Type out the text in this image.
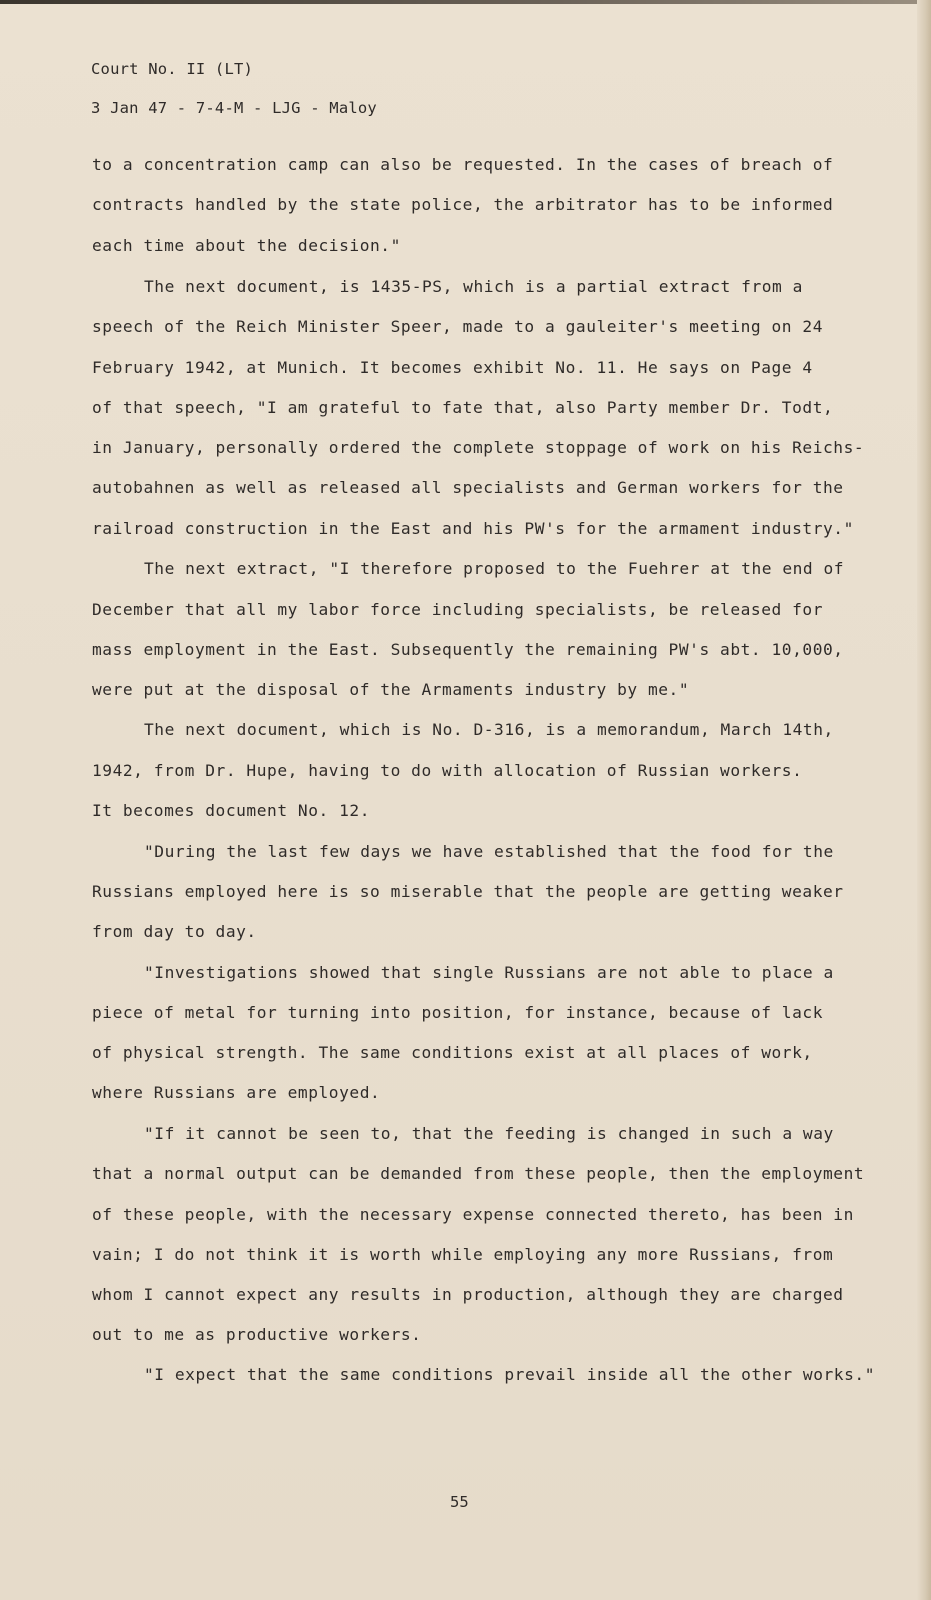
Court No. II (LT)
3 Jan 47 - 7-4-M - LJG - Maloy
to a concentration camp can also be requested. In the cases of breach of
contracts handled by the state police, the arbitrator has to be informed
each time about the decision."
The next document, is 1435-PS, which is a partial extract from a
speech of the Reich Minister Speer, made to a gauleiter's meeting on 24
February 1942, at Munich. It becomes exhibit No. 11. He says on Page 4
of that speech, "I am grateful to fate that, also Party member Dr. Todt,
in January, personally ordered the complete stoppage of work on his Reichs-
autobahnen as well as released all specialists and German workers for the
railroad construction in the East and his PW's for the armament industry."
The next extract, "I therefore proposed to the Fuehrer at the end of
December that all my labor force including specialists, be released for
mass employment in the East. Subsequently the remaining PW's abt. 10,000,
were put at the disposal of the Armaments industry by me."
The next document, which is No. D-316, is a memorandum, March 14th,
1942, from Dr. Hupe, having to do with allocation of Russian workers.
It becomes document No. 12.
"During the last few days we have established that the food for the
Russians employed here is so miserable that the people are getting weaker
from day to day.
"Investigations showed that single Russians are not able to place a
piece of metal for turning into position, for instance, because of lack
of physical strength. The same conditions exist at all places of work,
where Russians are employed.
"If it cannot be seen to, that the feeding is changed in such a way
that a normal output can be demanded from these people, then the employment
of these people, with the necessary expense connected thereto, has been in
vain; I do not think it is worth while employing any more Russians, from
whom I cannot expect any results in production, although they are charged
out to me as productive workers.
"I expect that the same conditions prevail inside all the other works."
55
